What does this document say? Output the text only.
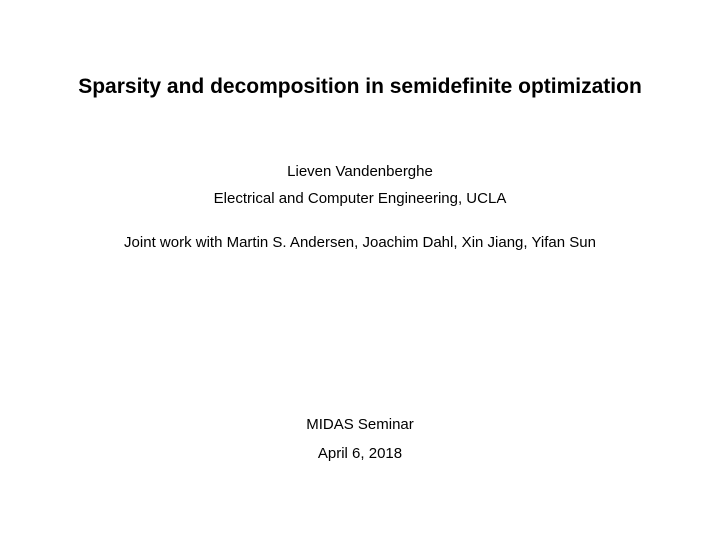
Sparsity and decomposition in semidefinite optimization
Lieven Vandenberghe
Electrical and Computer Engineering, UCLA
Joint work with Martin S. Andersen, Joachim Dahl, Xin Jiang, Yifan Sun
MIDAS Seminar
April 6, 2018
